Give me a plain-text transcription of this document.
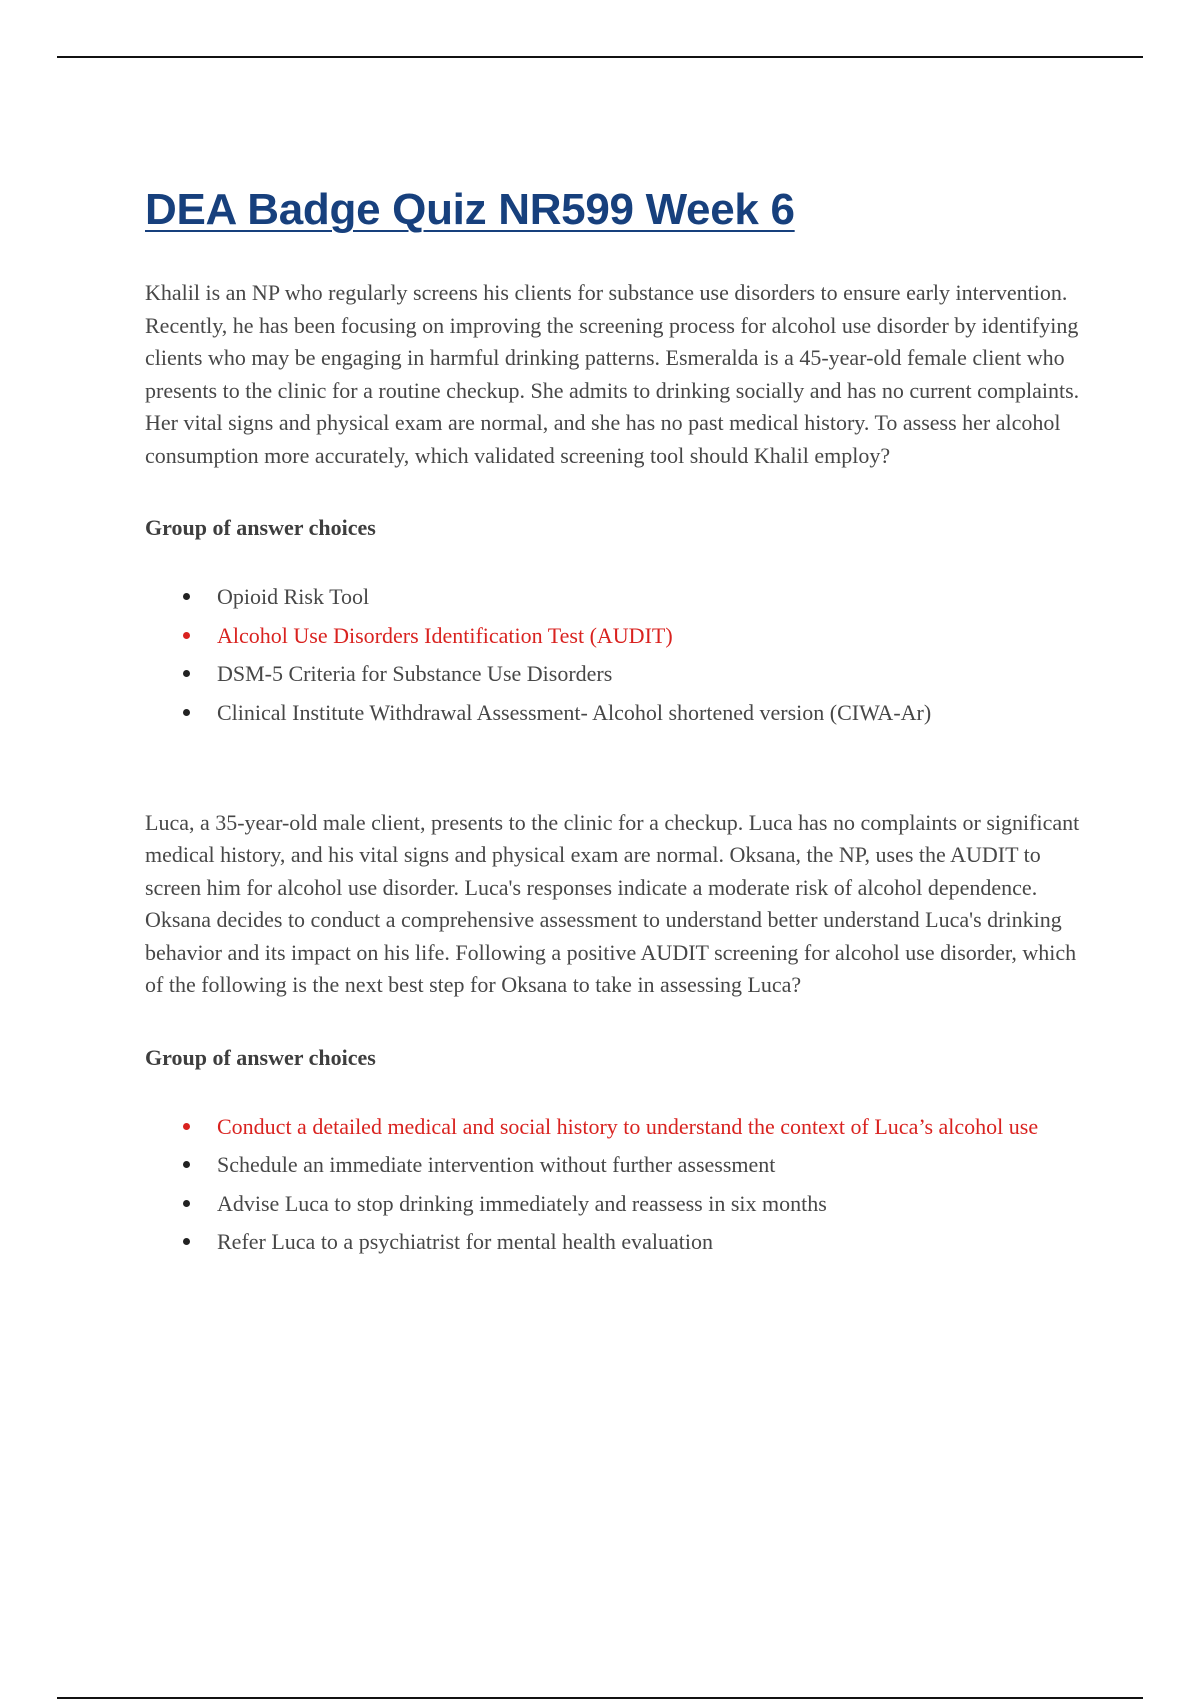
DEA Badge Quiz NR599 Week 6

Khalil is an NP who regularly screens his clients for substance use disorders to ensure early intervention. Recently, he has been focusing on improving the screening process for alcohol use disorder by identifying clients who may be engaging in harmful drinking patterns. Esmeralda is a 45-year-old female client who presents to the clinic for a routine checkup. She admits to drinking socially and has no current complaints. Her vital signs and physical exam are normal, and she has no past medical history. To assess her alcohol consumption more accurately, which validated screening tool should Khalil employ?

Group of answer choices

Opioid Risk Tool
Alcohol Use Disorders Identification Test (AUDIT)
DSM-5 Criteria for Substance Use Disorders
Clinical Institute Withdrawal Assessment- Alcohol shortened version (CIWA-Ar)

Luca, a 35-year-old male client, presents to the clinic for a checkup. Luca has no complaints or significant medical history, and his vital signs and physical exam are normal. Oksana, the NP, uses the AUDIT to screen him for alcohol use disorder. Luca's responses indicate a moderate risk of alcohol dependence. Oksana decides to conduct a comprehensive assessment to understand better understand Luca's drinking behavior and its impact on his life. Following a positive AUDIT screening for alcohol use disorder, which of the following is the next best step for Oksana to take in assessing Luca?

Group of answer choices

Conduct a detailed medical and social history to understand the context of Luca’s alcohol use
Schedule an immediate intervention without further assessment
Advise Luca to stop drinking immediately and reassess in six months
Refer Luca to a psychiatrist for mental health evaluation
